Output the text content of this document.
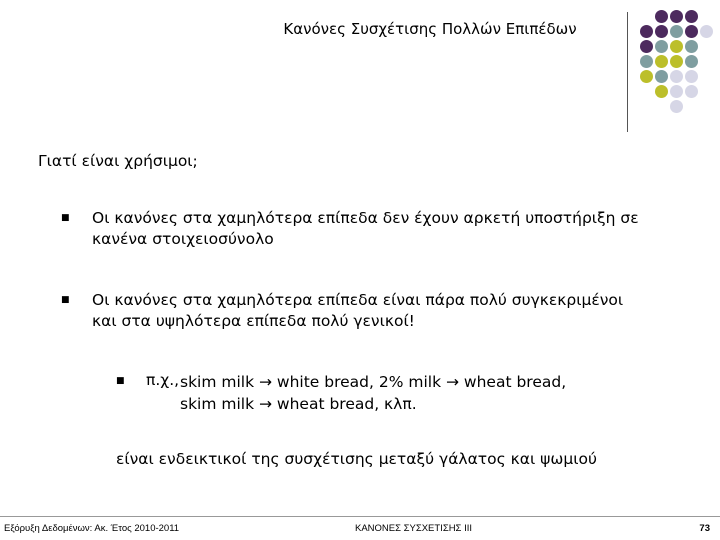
Κανόνες Συσχέτισης Πολλών Επιπέδων
Γιατί είναι χρήσιμοι;
■ Οι κανόνες στα χαμηλότερα επίπεδα δεν έχουν αρκετή υποστήριξη σε
κανένα στοιχειοσύνολο
■ Οι κανόνες στα χαμηλότερα επίπεδα είναι πάρα πολύ συγκεκριμένοι
και στα υψηλότερα επίπεδα πολύ γενικοί!
■ π.χ., skim milk → white bread, 2% milk → wheat bread,
skim milk → wheat bread, κλπ.
είναι ενδεικτικοί της συσχέτισης μεταξύ γάλατος και ψωμιού
Εξόρυξη Δεδομένων: Ακ. Έτος 2010-2011	ΚΑΝΟΝΕΣ ΣΥΣΧΕΤΙΣΗΣ ΙΙΙ	73
